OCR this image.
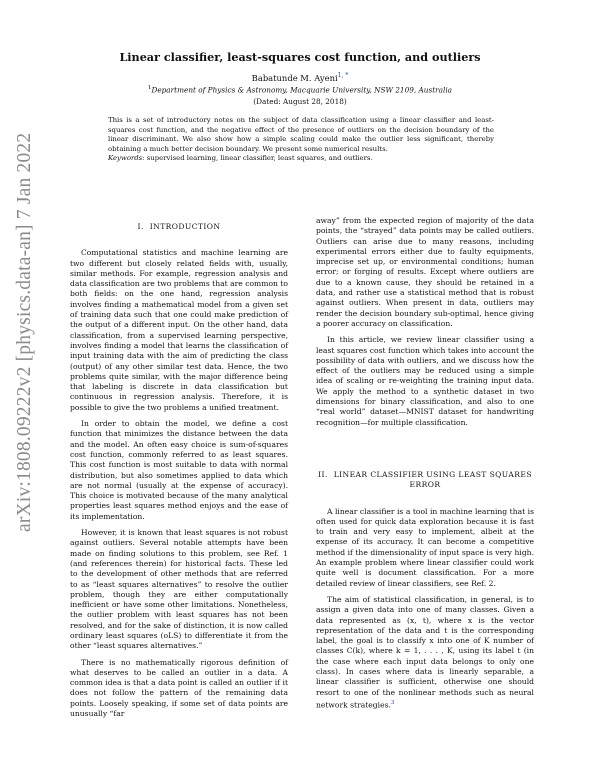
arXiv:1808.09222v2 [physics.data-an] 7 Jan 2022
Linear classifier, least-squares cost function, and outliers
Babatunde M. Ayeni$^{1, *}$
$^1$Department of Physics & Astronomy, Macquarie University, NSW 2109, Australia
(Dated: August 28, 2018)
This is a set of introductory notes on the subject of data classification using a linear classifier and least-squares cost function, and the negative effect of the presence of outliers on the decision boundary of the linear discriminant. We also show how a simple scaling could make the outlier less significant, thereby obtaining a much better decision boundary. We present some numerical results.
Keywords: supervised learning, linear classifier, least squares, and outliers.
I. INTRODUCTION

Computational statistics and machine learning are two different but closely related fields with, usually, similar methods. For example, regression analysis and data classification are two problems that are common to both fields: on the one hand, regression analysis involves finding a mathematical model from a given set of training data such that one could make prediction of the output of a different input. On the other hand, data classification, from a supervised learning perspective, involves finding a model that learns the classification of input training data with the aim of predicting the class (output) of any other similar test data. Hence, the two problems quite similar, with the major difference being that labeling is discrete in data classification but continuous in regression analysis. Therefore, it is possible to give the two problems a unified treatment.

In order to obtain the model, we define a cost function that minimizes the distance between the data and the model. An often easy choice is sum-of-squares cost function, commonly referred to as least squares. This cost function is most suitable to data with normal distribution, but also sometimes applied to data which are not normal (usually at the expense of accuracy). This choice is motivated because of the many analytical properties least squares method enjoys and the ease of its implementation.

However, it is known that least squares is not robust against outliers. Several notable attempts have been made on finding solutions to this problem, see Ref. 1 (and references therein) for historical facts. These led to the development of other methods that are referred to as “least squares alternatives” to resolve the outlier problem, though they are either computationally inefficient or have some other limitations. Nonetheless, the outlier problem with least squares has not been resolved, and for the sake of distinction, it is now called ordinary least squares (oLS) to differentiate it from the other “least squares alternatives.”

There is no mathematically rigorous definition of what deserves to be called an outlier in a data. A common idea is that a data point is called an outlier if it does not follow the pattern of the remaining data points. Loosely speaking, if some set of data points are unusually “far

away” from the expected region of majority of the data points, the “strayed” data points may be called outliers. Outliers can arise due to many reasons, including experimental errors either due to faulty equipments, imprecise set up, or environmental conditions; human error; or forging of results. Except where outliers are due to a known cause, they should be retained in a data, and rather use a statistical method that is robust against outliers. When present in data, outliers may render the decision boundary sub-optimal, hence giving a poorer accuracy on classification.

In this article, we review linear classifier using a least squares cost function which takes into account the possibility of data with outliers, and we discuss how the effect of the outliers may be reduced using a simple idea of scaling or re-weighting the training input data. We apply the method to a synthetic dataset in two dimensions for binary classification, and also to one “real world” dataset—MNIST dataset for handwriting recognition—for multiple classification.

II. LINEAR CLASSIFIER USING LEAST SQUARES ERROR

A linear classifier is a tool in machine learning that is often used for quick data exploration because it is fast to train and very easy to implement, albeit at the expense of its accuracy. It can become a competitive method if the dimensionality of input space is very high. An example problem where linear classifier could work quite well is document classification. For a more detailed review of linear classifiers, see Ref. 2.

The aim of statistical classification, in general, is to assign a given data into one of many classes. Given a data represented as (x, t), where x is the vector representation of the data and t is the corresponding label, the goal is to classify x into one of K number of classes C(k), where k = 1, . . . , K, using its label t (in the case where each input data belongs to only one class). In cases where data is linearly separable, a linear classifier is sufficient, otherwise one should resort to one of the nonlinear methods such as neural network strategies.$^3$
